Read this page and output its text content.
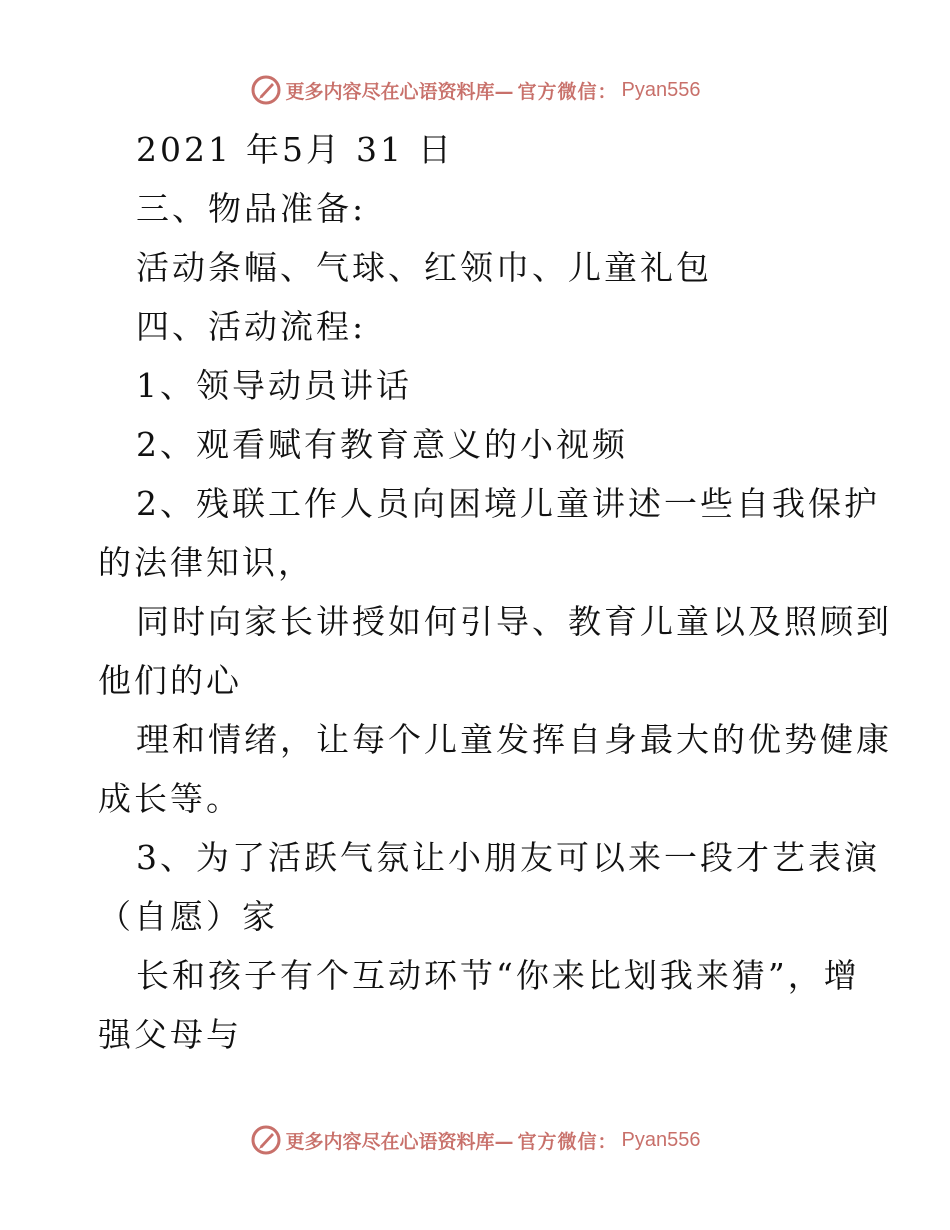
更多内容尽在心语资料库— 官方微信： Pyan556
2021 年5月 31 日
三、物品准备:
活动条幅、气球、红领巾、儿童礼包
四、活动流程:
1、领导动员讲话
2、观看赋有教育意义的小视频
2、残联工作人员向困境儿童讲述一些自我保护
的法律知识，
同时向家长讲授如何引导、教育儿童以及照顾到
他们的心
理和情绪，让每个儿童发挥自身最大的优势健康
成长等。
3、为了活跃气氛让小朋友可以来一段才艺表演
（自愿）家
长和孩子有个互动环节“你来比划我来猜”，增
强父母与
更多内容尽在心语资料库— 官方微信： Pyan556
